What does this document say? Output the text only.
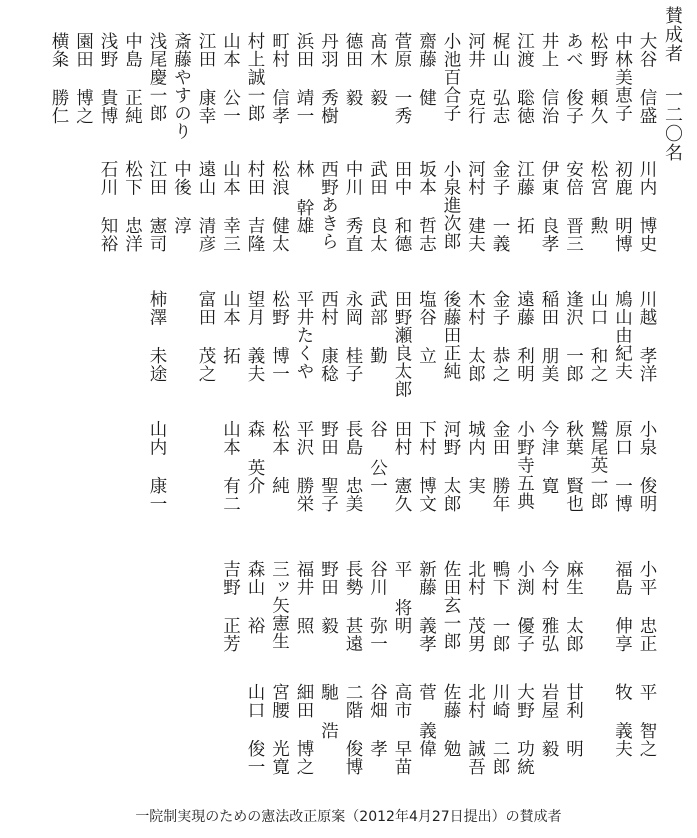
賛成者
一二〇名
大谷 信盛
中林美恵子
松野 頼久
あべ 俊子
井上 信治
江渡 聡徳
梶山 弘志
河井 克行
小池百合子
齋藤 健
菅原 一秀
髙木 毅
德田 毅
丹羽 秀樹
浜田 靖一
町村 信孝
村上誠一郎
山本 公一
江田 康幸
斎藤やすのり
浅尾慶一郎
中島 正純
浅野 貴博
園田 博之
横粂 勝仁
川内 博史
初鹿 明博
松宮 勲
安倍 晋三
伊東 良孝
江藤 拓
金子 一義
河村 建夫
小泉進次郎
坂本 哲志
田中 和德
武田 良太
中川 秀直
西野あきら
林 幹雄
松浪 健太
村田 吉隆
山本 幸三
遠山 清彦
中後 淳
江田 憲司
松下 忠洋
石川 知裕
川越 孝洋
鳩山由紀夫
山口 和之
逢沢 一郎
稲田 朋美
遠藤 利明
金子 恭之
木村 太郎
後藤田正純
塩谷 立
田野瀬良太郎
武部 勤
永岡 桂子
西村 康稔
平井たくや
松野 博一
望月 義夫
山本 拓
富田 茂之
柿澤 未途
小泉 俊明
原口 一博
鷲尾英一郎
秋葉 賢也
今津 寛
小野寺五典
金田 勝年
城内 実
河野 太郎
下村 博文
田村 憲久
谷 公一
長島 忠美
野田 聖子
平沢 勝栄
松本 純
森 英介
山本 有二
山内 康一
小平 忠正
福島 伸享
麻生 太郎
今村 雅弘
小渕 優子
鴨下 一郎
北村 茂男
佐田玄一郎
新藤 義孝
平 将明
谷川 弥一
長勢 甚遠
野田 毅
福井 照
三ッ矢憲生
森山 裕
吉野 正芳
平 智之
牧 義夫
甘利 明
岩屋 毅
大野 功統
川崎 二郎
北村 誠吾
佐藤 勉
菅 義偉
高市 早苗
谷畑 孝
二階 俊博
馳 浩
細田 博之
宮腰 光寛
山口 俊一
一院制実現のための憲法改正原案（2012年4月27日提出）の賛成者
